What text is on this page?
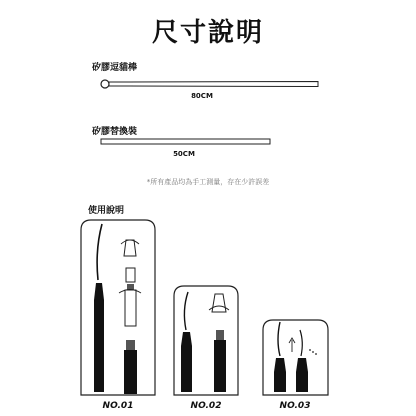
尺寸說明
矽膠逗貓棒
80CM
矽膠替換裝
50CM
*所有產品均為手工測量，存在少許誤差
使用說明
NO.01	NO.02	NO.03
